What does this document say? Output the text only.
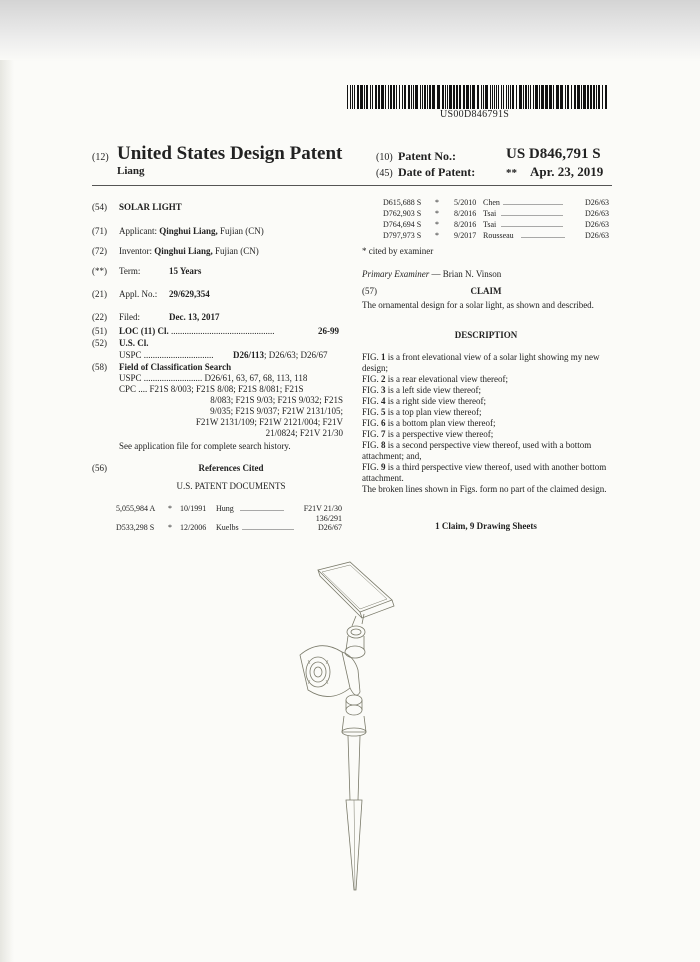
US00D846791S
(12) United States Design Patent
Liang
(10) Patent No.:	US D846,791 S
(45) Date of Patent:	** Apr. 23, 2019
(54) SOLAR LIGHT
(71) Applicant: Qinghui Liang, Fujian (CN)
(72) Inventor: Qinghui Liang, Fujian (CN)
(**) Term:	15 Years
(21) Appl. No.: 29/629,354
(22) Filed:	Dec. 13, 2017
(51) LOC (11) Cl. ..............................................	26-99
(52) U.S. Cl.
USPC ............................... D26/113; D26/63; D26/67
(58) Field of Classification Search
USPC .......................... D26/61, 63, 67, 68, 113, 118
CPC .... F21S 8/003; F21S 8/08; F21S 8/081; F21S
8/083; F21S 9/03; F21S 9/032; F21S
9/035; F21S 9/037; F21W 2131/105;
F21W 2131/109; F21W 2121/004; F21V
21/0824; F21V 21/30
See application file for complete search history.
(56)	References Cited
U.S. PATENT DOCUMENTS
5,055,984 A * 10/1991 Hung ...................... F21V 21/30
136/291
D533,298 S * 12/2006 Kuelbs ..........................	D26/67
D615,688 S * 5/2010 Chen ..............................	D26/63
D762,903 S * 8/2016 Tsai ...............................	D26/63
D764,694 S * 8/2016 Tsai ...............................	D26/63
D797,973 S * 9/2017 Rousseau ......................	D26/63
* cited by examiner
Primary Examiner — Brian N. Vinson
(57)	CLAIM
The ornamental design for a solar light, as shown and described.
DESCRIPTION
FIG. 1 is a front elevational view of a solar light showing my new design;
FIG. 2 is a rear elevational view thereof;
FIG. 3 is a left side view thereof;
FIG. 4 is a right side view thereof;
FIG. 5 is a top plan view thereof;
FIG. 6 is a bottom plan view thereof;
FIG. 7 is a perspective view thereof;
FIG. 8 is a second perspective view thereof, used with a bottom attachment; and,
FIG. 9 is a third perspective view thereof, used with another bottom attachment.
The broken lines shown in Figs. form no part of the claimed design.
1 Claim, 9 Drawing Sheets
